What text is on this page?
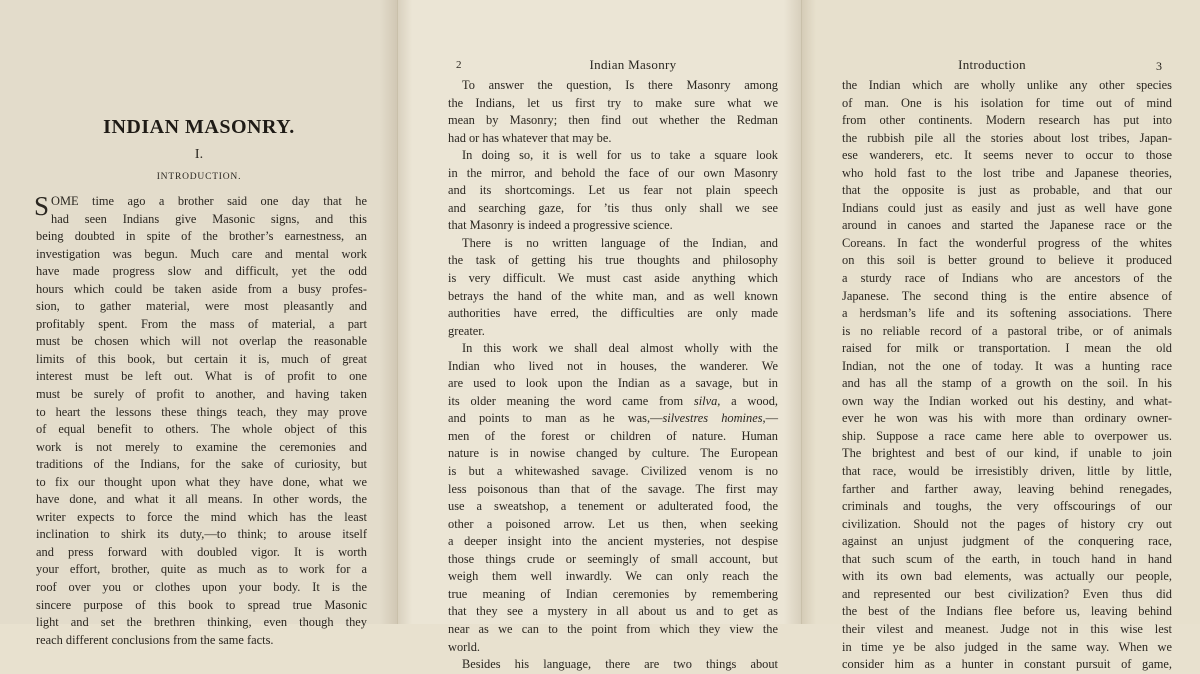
INDIAN MASONRY.
I.
INTRODUCTION.
S OME time ago a brother said one day that he
had seen Indians give Masonic signs, and this
being doubted in spite of the brother’s earnestness, an
investigation was begun. Much care and mental work
have made progress slow and difficult, yet the odd
hours which could be taken aside from a busy profes-
sion, to gather material, were most pleasantly and
profitably spent. From the mass of material, a part
must be chosen which will not overlap the reasonable
limits of this book, but certain it is, much of great
interest must be left out. What is of profit to one
must be surely of profit to another, and having taken
to heart the lessons these things teach, they may prove
of equal benefit to others. The whole object of this
work is not merely to examine the ceremonies and
traditions of the Indians, for the sake of curiosity, but
to fix our thought upon what they have done, what we
have done, and what it all means. In other words, the
writer expects to force the mind which has the least
inclination to shirk its duty,—to think; to arouse itself
and press forward with doubled vigor. It is worth
your effort, brother, quite as much as to work for a
roof over you or clothes upon your body. It is the
sincere purpose of this book to spread true Masonic
light and set the brethren thinking, even though they
reach different conclusions from the same facts.
2	Indian Masonry
To answer the question, Is there Masonry among
the Indians, let us first try to make sure what we
mean by Masonry; then find out whether the Redman
had or has whatever that may be.
In doing so, it is well for us to take a square look
in the mirror, and behold the face of our own Masonry
and its shortcomings. Let us fear not plain speech
and searching gaze, for ’tis thus only shall we see
that Masonry is indeed a progressive science.
There is no written language of the Indian, and
the task of getting his true thoughts and philosophy
is very difficult. We must cast aside anything which
betrays the hand of the white man, and as well known
authorities have erred, the difficulties are only made
greater.
In this work we shall deal almost wholly with the
Indian who lived not in houses, the wanderer. We
are used to look upon the Indian as a savage, but in
its older meaning the word came from silva, a wood,
and points to man as he was,—silvestres homines,—
men of the forest or children of nature. Human
nature is in nowise changed by culture. The European
is but a whitewashed savage. Civilized venom is no
less poisonous than that of the savage. The first may
use a sweatshop, a tenement or adulterated food, the
other a poisoned arrow. Let us then, when seeking
a deeper insight into the ancient mysteries, not despise
those things crude or seemingly of small account, but
weigh them well inwardly. We can only reach the
true meaning of Indian ceremonies by remembering
that they see a mystery in all about us and to get as
near as we can to the point from which they view the
world.
Besides his language, there are two things about
Introduction	3
the Indian which are wholly unlike any other species
of man. One is his isolation for time out of mind
from other continents. Modern research has put into
the rubbish pile all the stories about lost tribes, Japan-
ese wanderers, etc. It seems never to occur to those
who hold fast to the lost tribe and Japanese theories,
that the opposite is just as probable, and that our
Indians could just as easily and just as well have gone
around in canoes and started the Japanese race or the
Coreans. In fact the wonderful progress of the whites
on this soil is better ground to believe it produced
a sturdy race of Indians who are ancestors of the
Japanese. The second thing is the entire absence of
a herdsman’s life and its softening associations. There
is no reliable record of a pastoral tribe, or of animals
raised for milk or transportation. I mean the old
Indian, not the one of today. It was a hunting race
and has all the stamp of a growth on the soil. In his
own way the Indian worked out his destiny, and what-
ever he won was his with more than ordinary owner-
ship. Suppose a race came here able to overpower us.
The brightest and best of our kind, if unable to join
that race, would be irresistibly driven, little by little,
farther and farther away, leaving behind renegades,
criminals and toughs, the very offscourings of our
civilization. Should not the pages of history cry out
against an unjust judgment of the conquering race,
that such scum of the earth, in touch hand in hand
with its own bad elements, was actually our people,
and represented our best civilization? Even thus did
the best of the Indians flee before us, leaving behind
their vilest and meanest. Judge not in this wise lest
in time ye be also judged in the same way. When we
consider him as a hunter in constant pursuit of game,
